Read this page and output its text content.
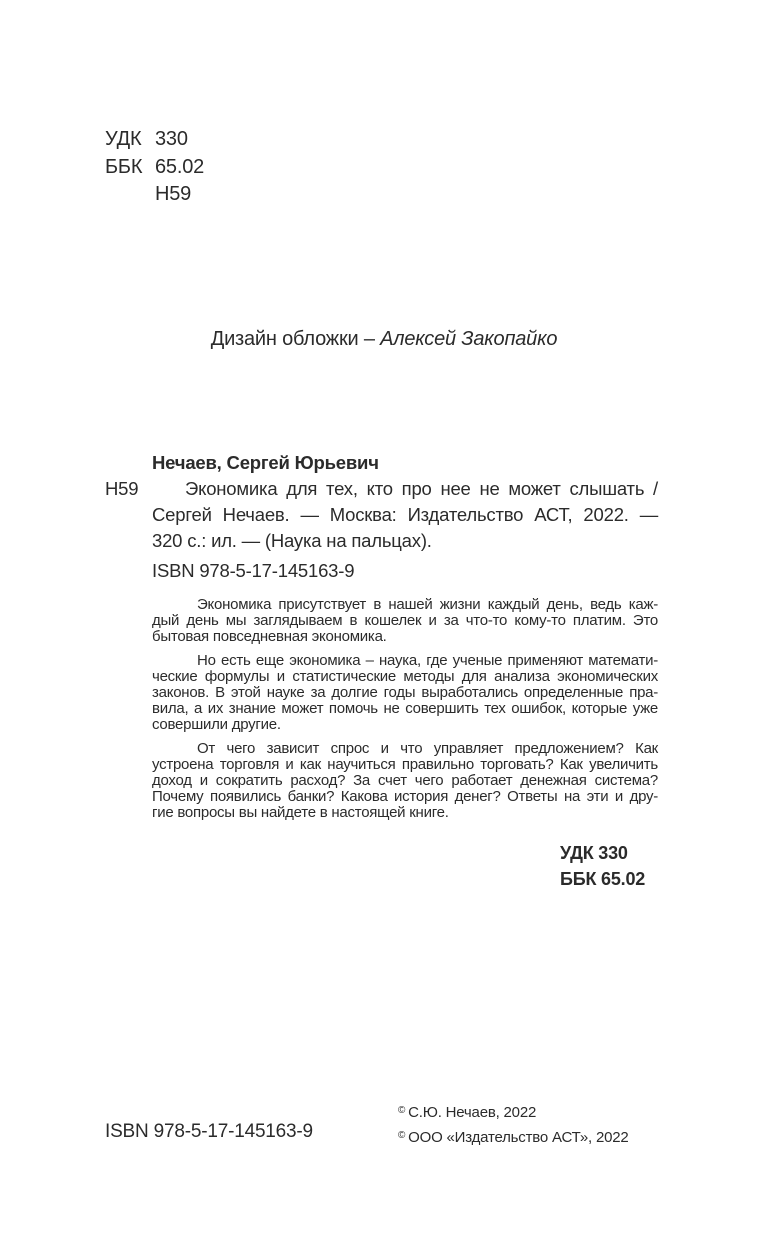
УДК 330
ББК 65.02
Н59
Дизайн обложки – Алексей Закопайко
Нечаев, Сергей Юрьевич
Н59	Экономика для тех, кто про нее не может слышать /
Сергей Нечаев. — Москва: Издательство АСТ, 2022. —
320 с.: ил. — (Наука на пальцах).
ISBN 978-5-17-145163-9
Экономика присутствует в нашей жизни каждый день, ведь каж-
дый день мы заглядываем в кошелек и за что-то кому-то платим. Это
бытовая повседневная экономика.
Но есть еще экономика – наука, где ученые применяют математи-
ческие формулы и статистические методы для анализа экономических
законов. В этой науке за долгие годы выработались определенные пра-
вила, а их знание может помочь не совершить тех ошибок, которые уже
совершили другие.
От чего зависит спрос и что управляет предложением? Как
устроена торговля и как научиться правильно торговать? Как увеличить
доход и сократить расход? За счет чего работает денежная система?
Почему появились банки? Какова история денег? Ответы на эти и дру-
гие вопросы вы найдете в настоящей книге.
УДК 330
ББК 65.02
ISBN 978-5-17-145163-9
© С.Ю. Нечаев, 2022
© ООО «Издательство АСТ», 2022
